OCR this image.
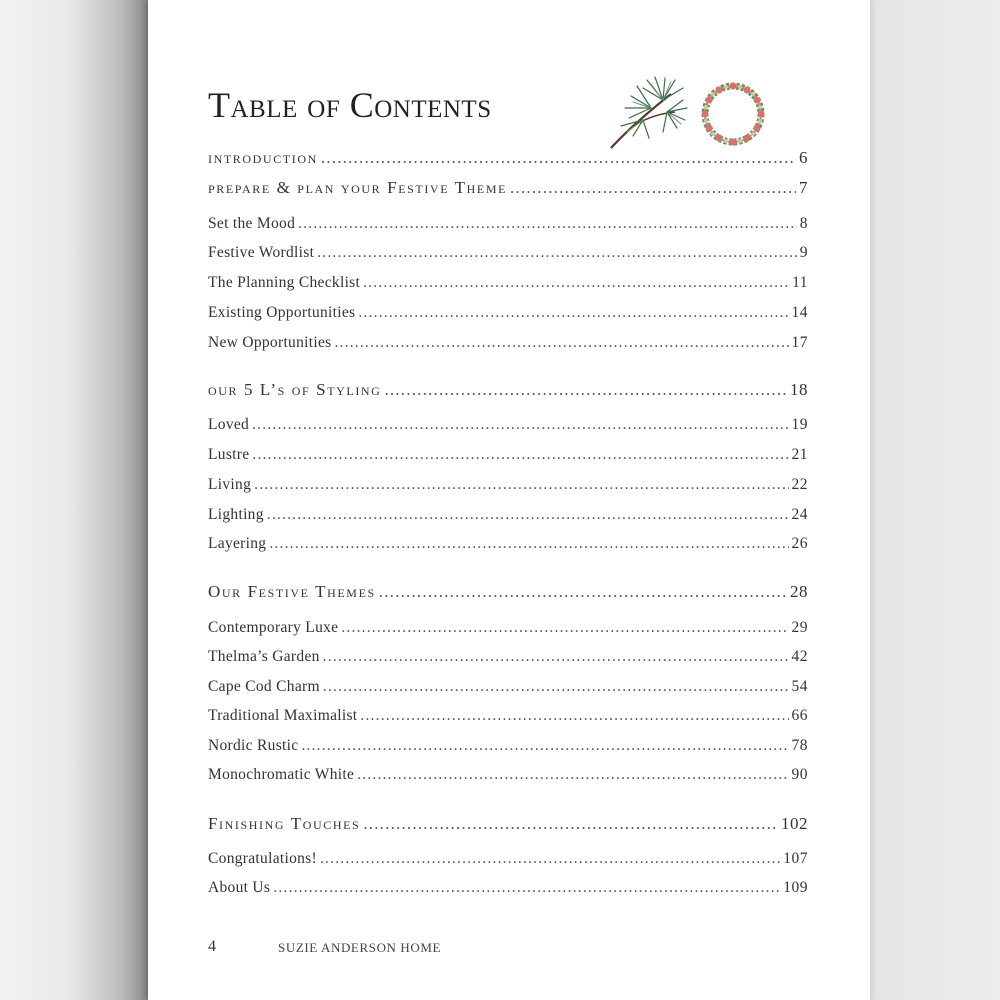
Table of Contents
introduction .....	6
prepare & plan your Festive Theme .....	7
Set the Mood .....	8
Festive Wordlist .....	9
The Planning Checklist .....	11
Existing Opportunities .....	14
New Opportunities .....	17
our 5 L’s of Styling .....	18
Loved .....	19
Lustre .....	21
Living .....	22
Lighting .....	24
Layering .....	26
Our Festive Themes .....	28
Contemporary Luxe .....	29
Thelma’s Garden .....	42
Cape Cod Charm .....	54
Traditional Maximalist .....	66
Nordic Rustic .....	78
Monochromatic White .....	90
Finishing Touches .....	102
Congratulations! .....	107
About Us .....	109
4	SUZIE ANDERSON HOME
